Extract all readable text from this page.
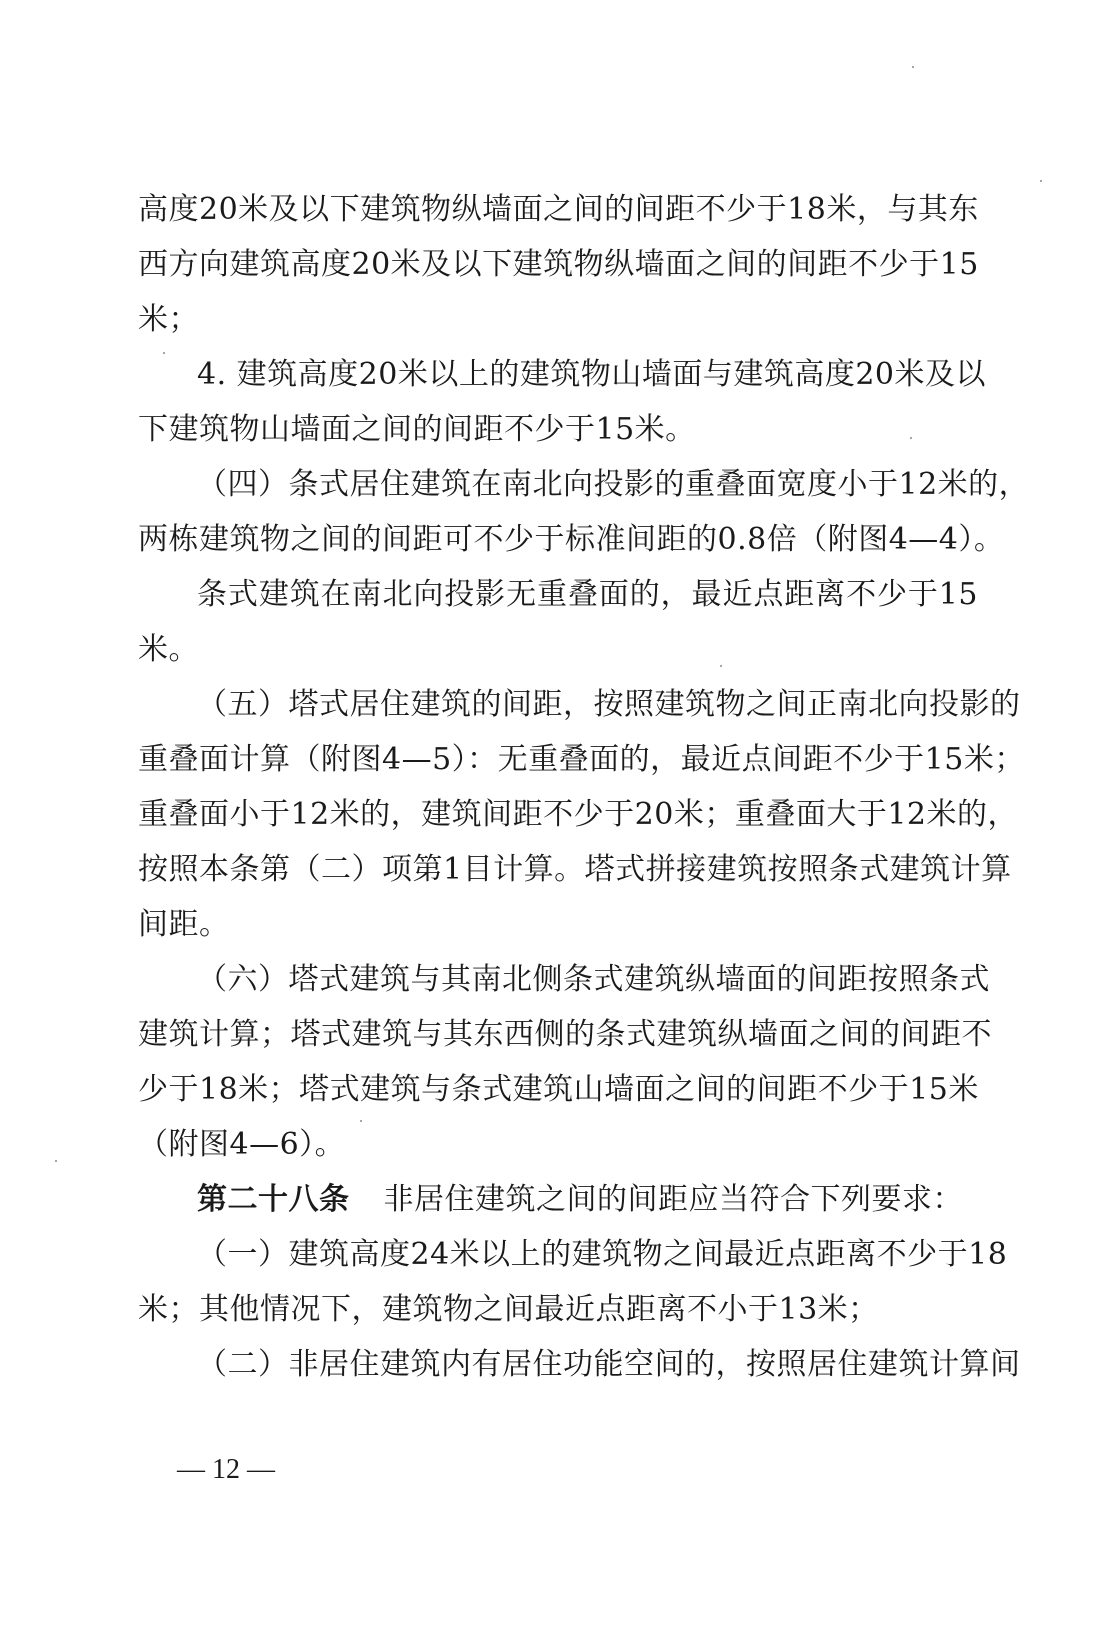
高度20米及以下建筑物纵墙面之间的间距不少于18米，与其东
西方向建筑高度20米及以下建筑物纵墙面之间的间距不少于15
米；
4. 建筑高度20米以上的建筑物山墙面与建筑高度20米及以
下建筑物山墙面之间的间距不少于15米。
（四）条式居住建筑在南北向投影的重叠面宽度小于12米的，
两栋建筑物之间的间距可不少于标准间距的0.8倍（附图4—4）。
条式建筑在南北向投影无重叠面的，最近点距离不少于15
米。
（五）塔式居住建筑的间距，按照建筑物之间正南北向投影的
重叠面计算（附图4—5）：无重叠面的，最近点间距不少于15米；
重叠面小于12米的，建筑间距不少于20米；重叠面大于12米的，
按照本条第（二）项第1目计算。塔式拼接建筑按照条式建筑计算
间距。
（六）塔式建筑与其南北侧条式建筑纵墙面的间距按照条式
建筑计算；塔式建筑与其东西侧的条式建筑纵墙面之间的间距不
少于18米；塔式建筑与条式建筑山墙面之间的间距不少于15米
（附图4—6）。
第二十八条 非居住建筑之间的间距应当符合下列要求：
（一）建筑高度24米以上的建筑物之间最近点距离不少于18
米；其他情况下，建筑物之间最近点距离不小于13米；
（二）非居住建筑内有居住功能空间的，按照居住建筑计算间
— 12 —
